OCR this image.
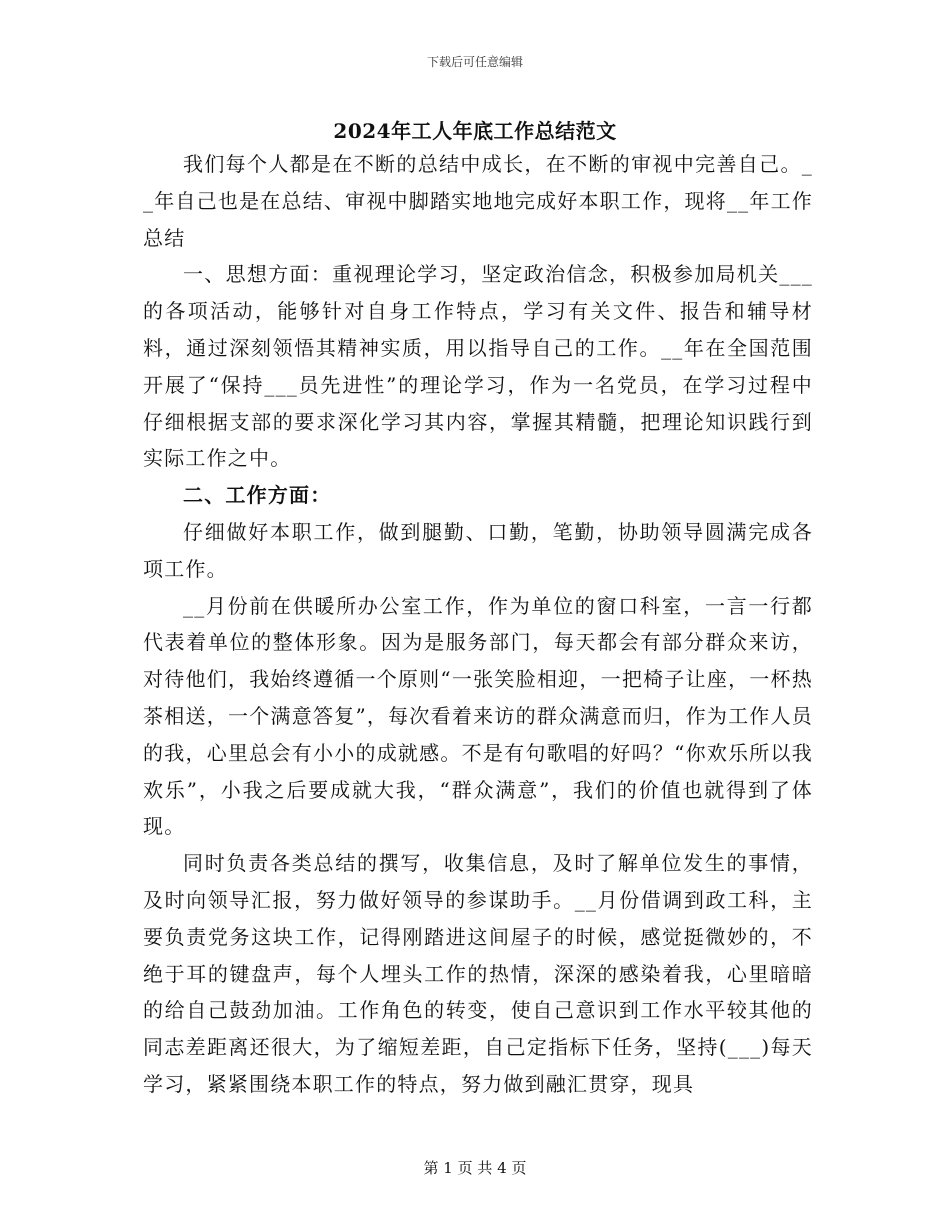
下载后可任意编辑
2024年工人年底工作总结范文

我们每个人都是在不断的总结中成长，在不断的审视中完善自己。__年自己也是在总结、审视中脚踏实地地完成好本职工作，现将__年工作总结

一、思想方面：重视理论学习，坚定政治信念，积极参加局机关___的各项活动，能够针对自身工作特点，学习有关文件、报告和辅导材料，通过深刻领悟其精神实质，用以指导自己的工作。__年在全国范围开展了“保持___员先进性”的理论学习，作为一名党员，在学习过程中仔细根据支部的要求深化学习其内容，掌握其精髓，把理论知识践行到实际工作之中。

二、工作方面：

仔细做好本职工作，做到腿勤、口勤，笔勤，协助领导圆满完成各项工作。

__月份前在供暖所办公室工作，作为单位的窗口科室，一言一行都代表着单位的整体形象。因为是服务部门，每天都会有部分群众来访，对待他们，我始终遵循一个原则“一张笑脸相迎，一把椅子让座，一杯热茶相送，一个满意答复”，每次看着来访的群众满意而归，作为工作人员的我，心里总会有小小的成就感。不是有句歌唱的好吗？“你欢乐所以我欢乐”，小我之后要成就大我，“群众满意”，我们的价值也就得到了体现。

同时负责各类总结的撰写，收集信息，及时了解单位发生的事情，及时向领导汇报，努力做好领导的参谋助手。__月份借调到政工科，主要负责党务这块工作，记得刚踏进这间屋子的时候，感觉挺微妙的，不绝于耳的键盘声，每个人埋头工作的热情，深深的感染着我，心里暗暗的给自己鼓劲加油。工作角色的转变，使自己意识到工作水平较其他的同志差距离还很大，为了缩短差距，自己定指标下任务，坚持(___)每天学习，紧紧围绕本职工作的特点，努力做到融汇贯穿，现具

第 1 页 共 4 页
